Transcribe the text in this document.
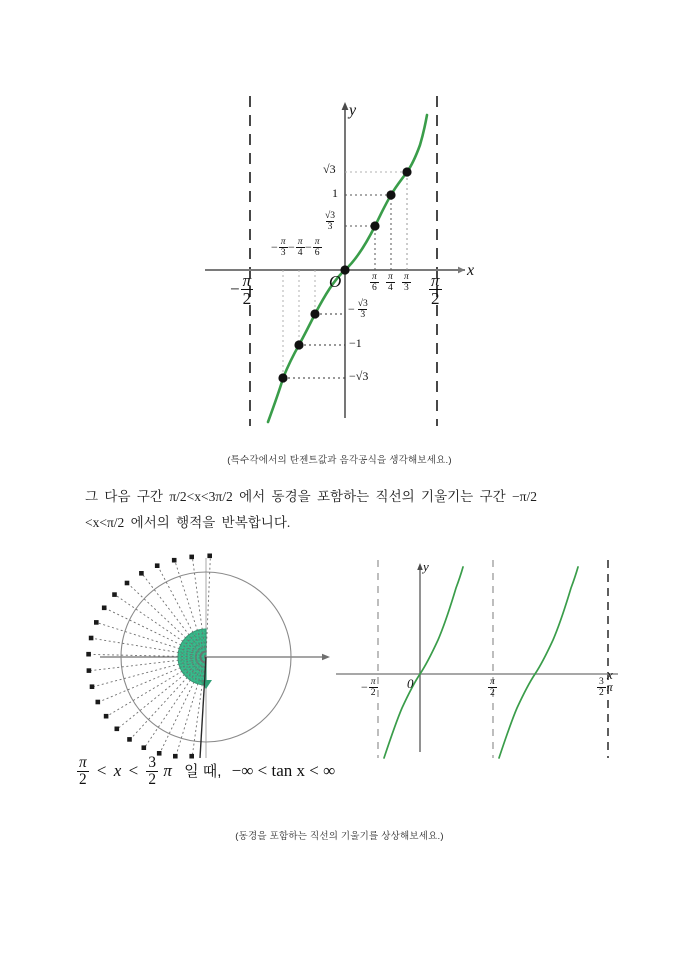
y
x
O
− $\frac{\pi}{2}$	$\frac{\pi}{2}$
− $\frac{\pi}{3} - \frac{\pi}{4} - \frac{\pi}{6}$
$\frac{\pi}{6} \frac{\pi}{4} \frac{\pi}{3}$
$\frac{√3}{3}$
1
√3
− $\frac{√3}{3}$
−1
−√3
(특수각에서의 탄젠트값과 음각공식을 생각해보세요.)
그 다음 구간 π/2<x<3π/2 에서 동경을 포함하는 직선의 기울기는 구간 −π/2
<x<π/2 에서의 행적을 반복합니다.
$\frac{\pi}{2} < x < \frac{3}{2}$ π 일 때, −∞ < tan x < ∞
y
x
0
− $\frac{\pi}{2}$	$\frac{\pi}{2}$	$\frac{3}{2}$ π
(동경을 포함하는 직선의 기울기를 상상해보세요.)
